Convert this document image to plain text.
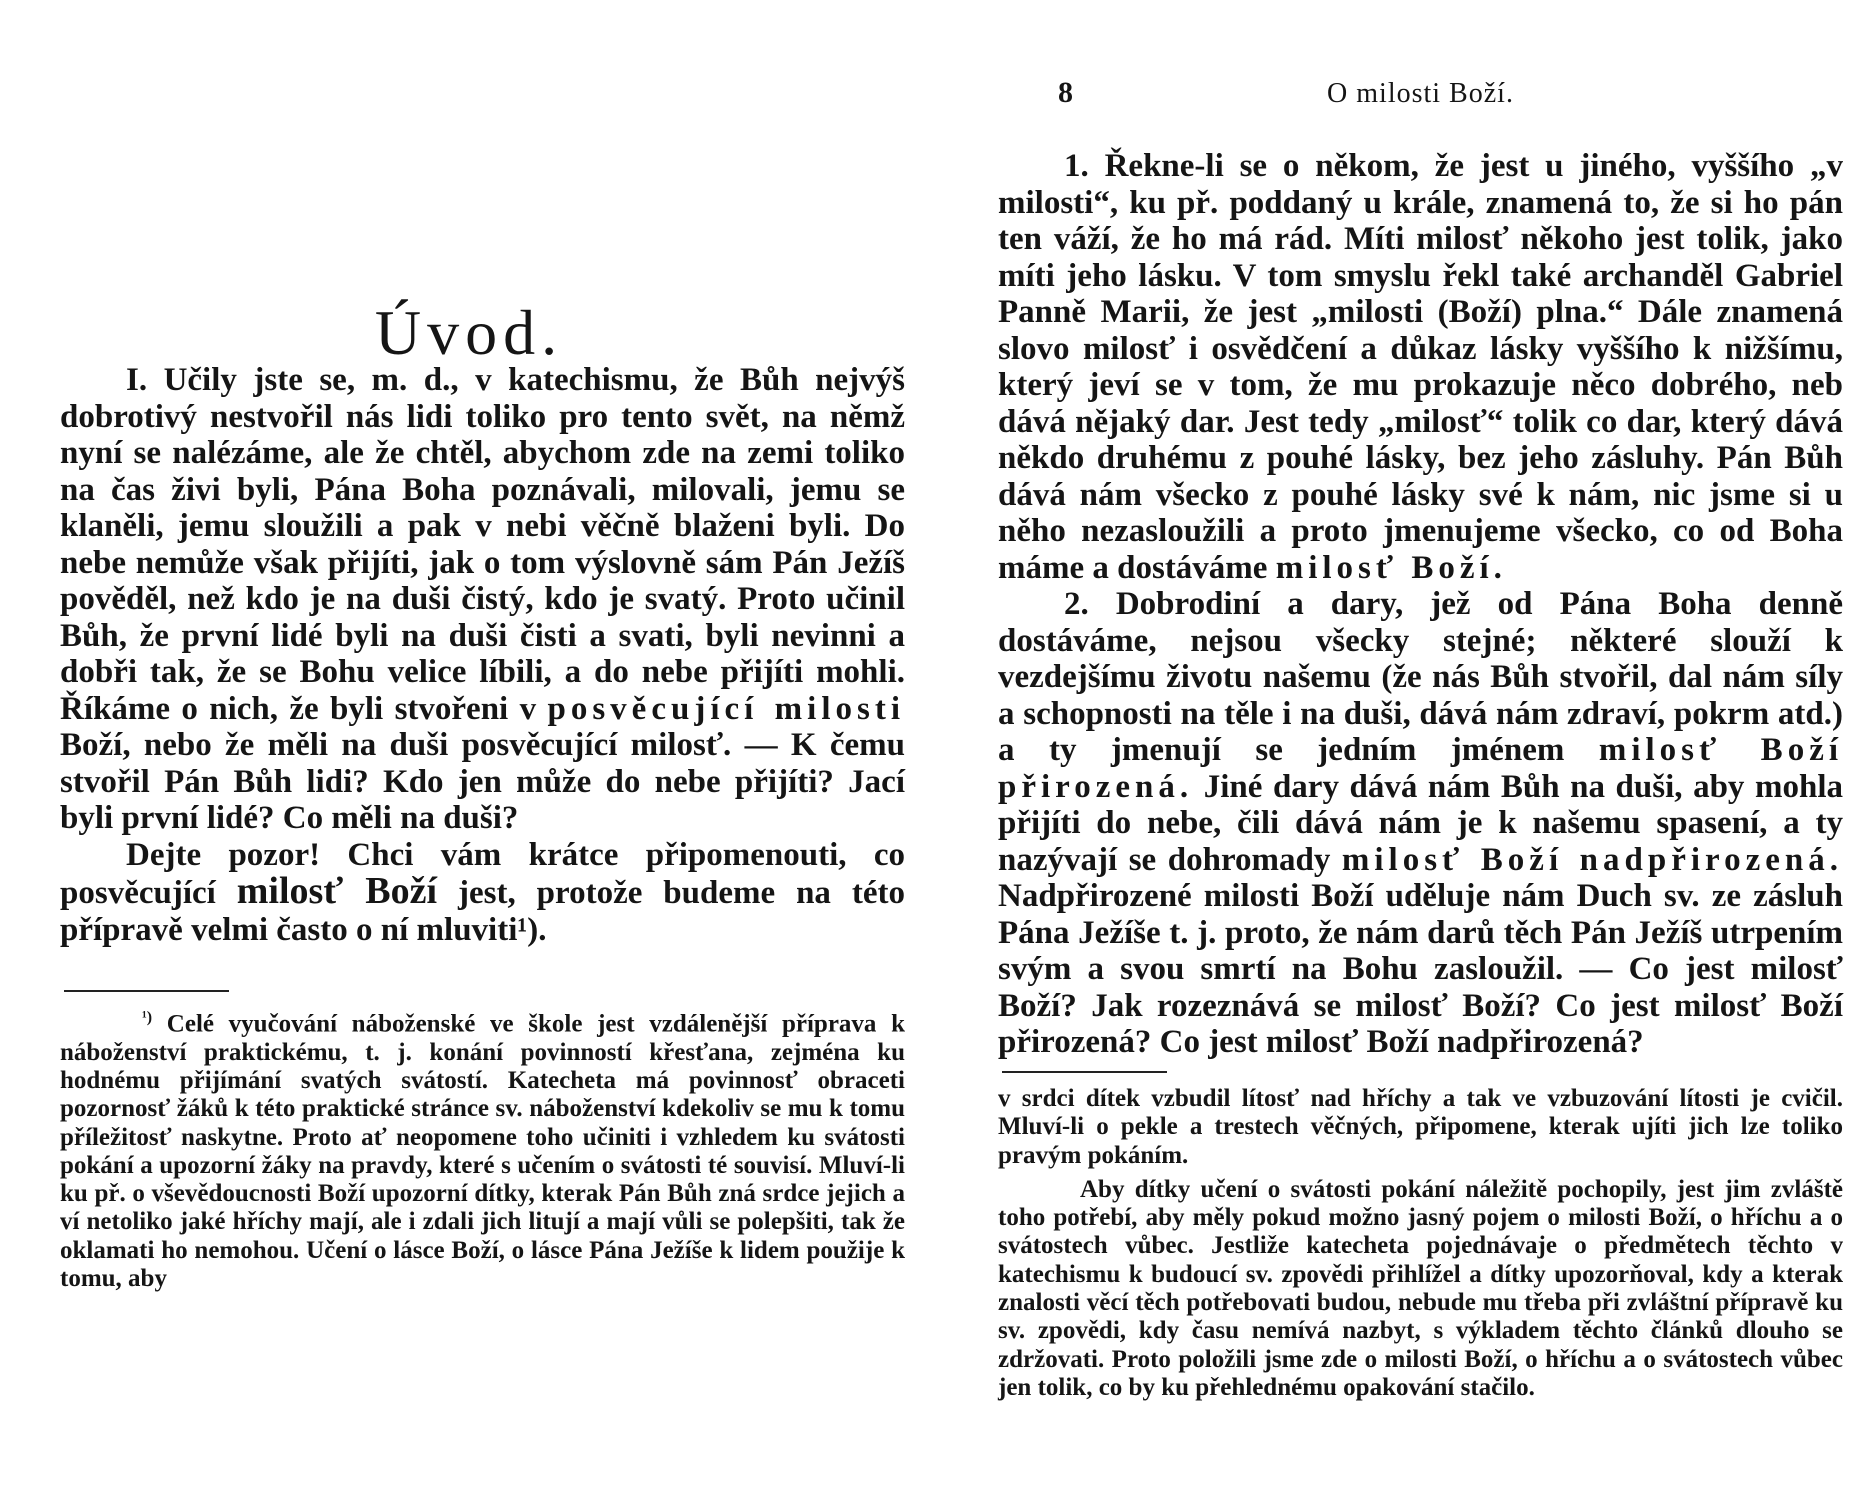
Úvod.

I. Učily jste se, m. d., v katechismu, že Bůh nejvýš dobrotivý nestvořil nás lidi toliko pro tento svět, na němž nyní se nalézáme, ale že chtěl, abychom zde na zemi toliko na čas živi byli, Pána Boha poznávali, milovali, jemu se klaněli, jemu sloužili a pak v nebi věčně blaženi byli. Do nebe nemůže však přijíti, jak o tom výslovně sám Pán Ježíš pověděl, než kdo je na duši čistý, kdo je svatý. Proto učinil Bůh, že první lidé byli na duši čisti a svati, byli nevinni a dobři tak, že se Bohu velice líbili, a do nebe přijíti mohli. Říkáme o nich, že byli stvořeni v posvěcující milosti Boží, nebo že měli na duši posvěcující milosť. — K čemu stvořil Pán Bůh lidi? Kdo jen může do nebe přijíti? Jací byli první lidé? Co měli na duši?

Dejte pozor! Chci vám krátce připomenouti, co posvěcující milosť Boží jest, protože budeme na této přípravě velmi často o ní mluviti¹).

$^{^1)}$ Celé vyučování náboženské ve škole jest vzdálenější příprava k náboženství praktickému, t. j. konání povinností křesťana, zejména ku hodnému přijímání svatých svátostí. Katecheta má povinnosť obraceti pozornosť žáků k této praktické stránce sv. náboženství kdekoliv se mu k tomu příležitosť naskytne. Proto ať neopomene toho učiniti i vzhledem ku svátosti pokání a upozorní žáky na pravdy, které s učením o svátosti té souvisí. Mluví-li ku př. o vševědoucnosti Boží upozorní dítky, kterak Pán Bůh zná srdce jejich a ví netoliko jaké hříchy mají, ale i zdali jich litují a mají vůli se polepšiti, tak že oklamati ho nemohou. Učení o lásce Boží, o lásce Pána Ježíše k lidem použije k tomu, aby

8	O milosti Boží.

1. Řekne-li se o někom, že jest u jiného, vyššího „v milosti“, ku př. poddaný u krále, znamená to, že si ho pán ten váží, že ho má rád. Míti milosť někoho jest tolik, jako míti jeho lásku. V tom smyslu řekl také archanděl Gabriel Panně Marii, že jest „milosti (Boží) plna.“ Dále znamená slovo milosť i osvědčení a důkaz lásky vyššího k nižšímu, který jeví se v tom, že mu prokazuje něco dobrého, neb dává nějaký dar. Jest tedy „milosť“ tolik co dar, který dává někdo druhému z pouhé lásky, bez jeho zásluhy. Pán Bůh dává nám všecko z pouhé lásky své k nám, nic jsme si u něho nezasloužili a proto jmenujeme všecko, co od Boha máme a dostáváme milosť Boží.

2. Dobrodiní a dary, jež od Pána Boha denně dostáváme, nejsou všecky stejné; některé slouží k vezdejšímu životu našemu (že nás Bůh stvořil, dal nám síly a schopnosti na těle i na duši, dává nám zdraví, pokrm atd.) a ty jmenují se jedním jménem milosť Boží přirozená. Jiné dary dává nám Bůh na duši, aby mohla přijíti do nebe, čili dává nám je k našemu spasení, a ty nazývají se dohromady milosť Boží nadpřirozená. Nadpřirozené milosti Boží uděluje nám Duch sv. ze zásluh Pána Ježíše t. j. proto, že nám darů těch Pán Ježíš utrpením svým a svou smrtí na Bohu zasloužil. — Co jest milosť Boží? Jak rozeznává se milosť Boží? Co jest milosť Boží přirozená? Co jest milosť Boží nadpřirozená?

v srdci dítek vzbudil lítosť nad hříchy a tak ve vzbuzování lítosti je cvičil. Mluví-li o pekle a trestech věčných, připomene, kterak ujíti jich lze toliko pravým pokáním.

Aby dítky učení o svátosti pokání náležitě pochopily, jest jim zvláště toho potřebí, aby měly pokud možno jasný pojem o milosti Boží, o hříchu a o svátostech vůbec. Jestliže katecheta pojednávaje o předmětech těchto v katechismu k budoucí sv. zpovědi přihlížel a dítky upozorňoval, kdy a kterak znalosti věcí těch potřebovati budou, nebude mu třeba při zvláštní přípravě ku sv. zpovědi, kdy času nemívá nazbyt, s výkladem těchto článků dlouho se zdržovati. Proto položili jsme zde o milosti Boží, o hříchu a o svátostech vůbec jen tolik, co by ku přehlednému opakování stačilo.
